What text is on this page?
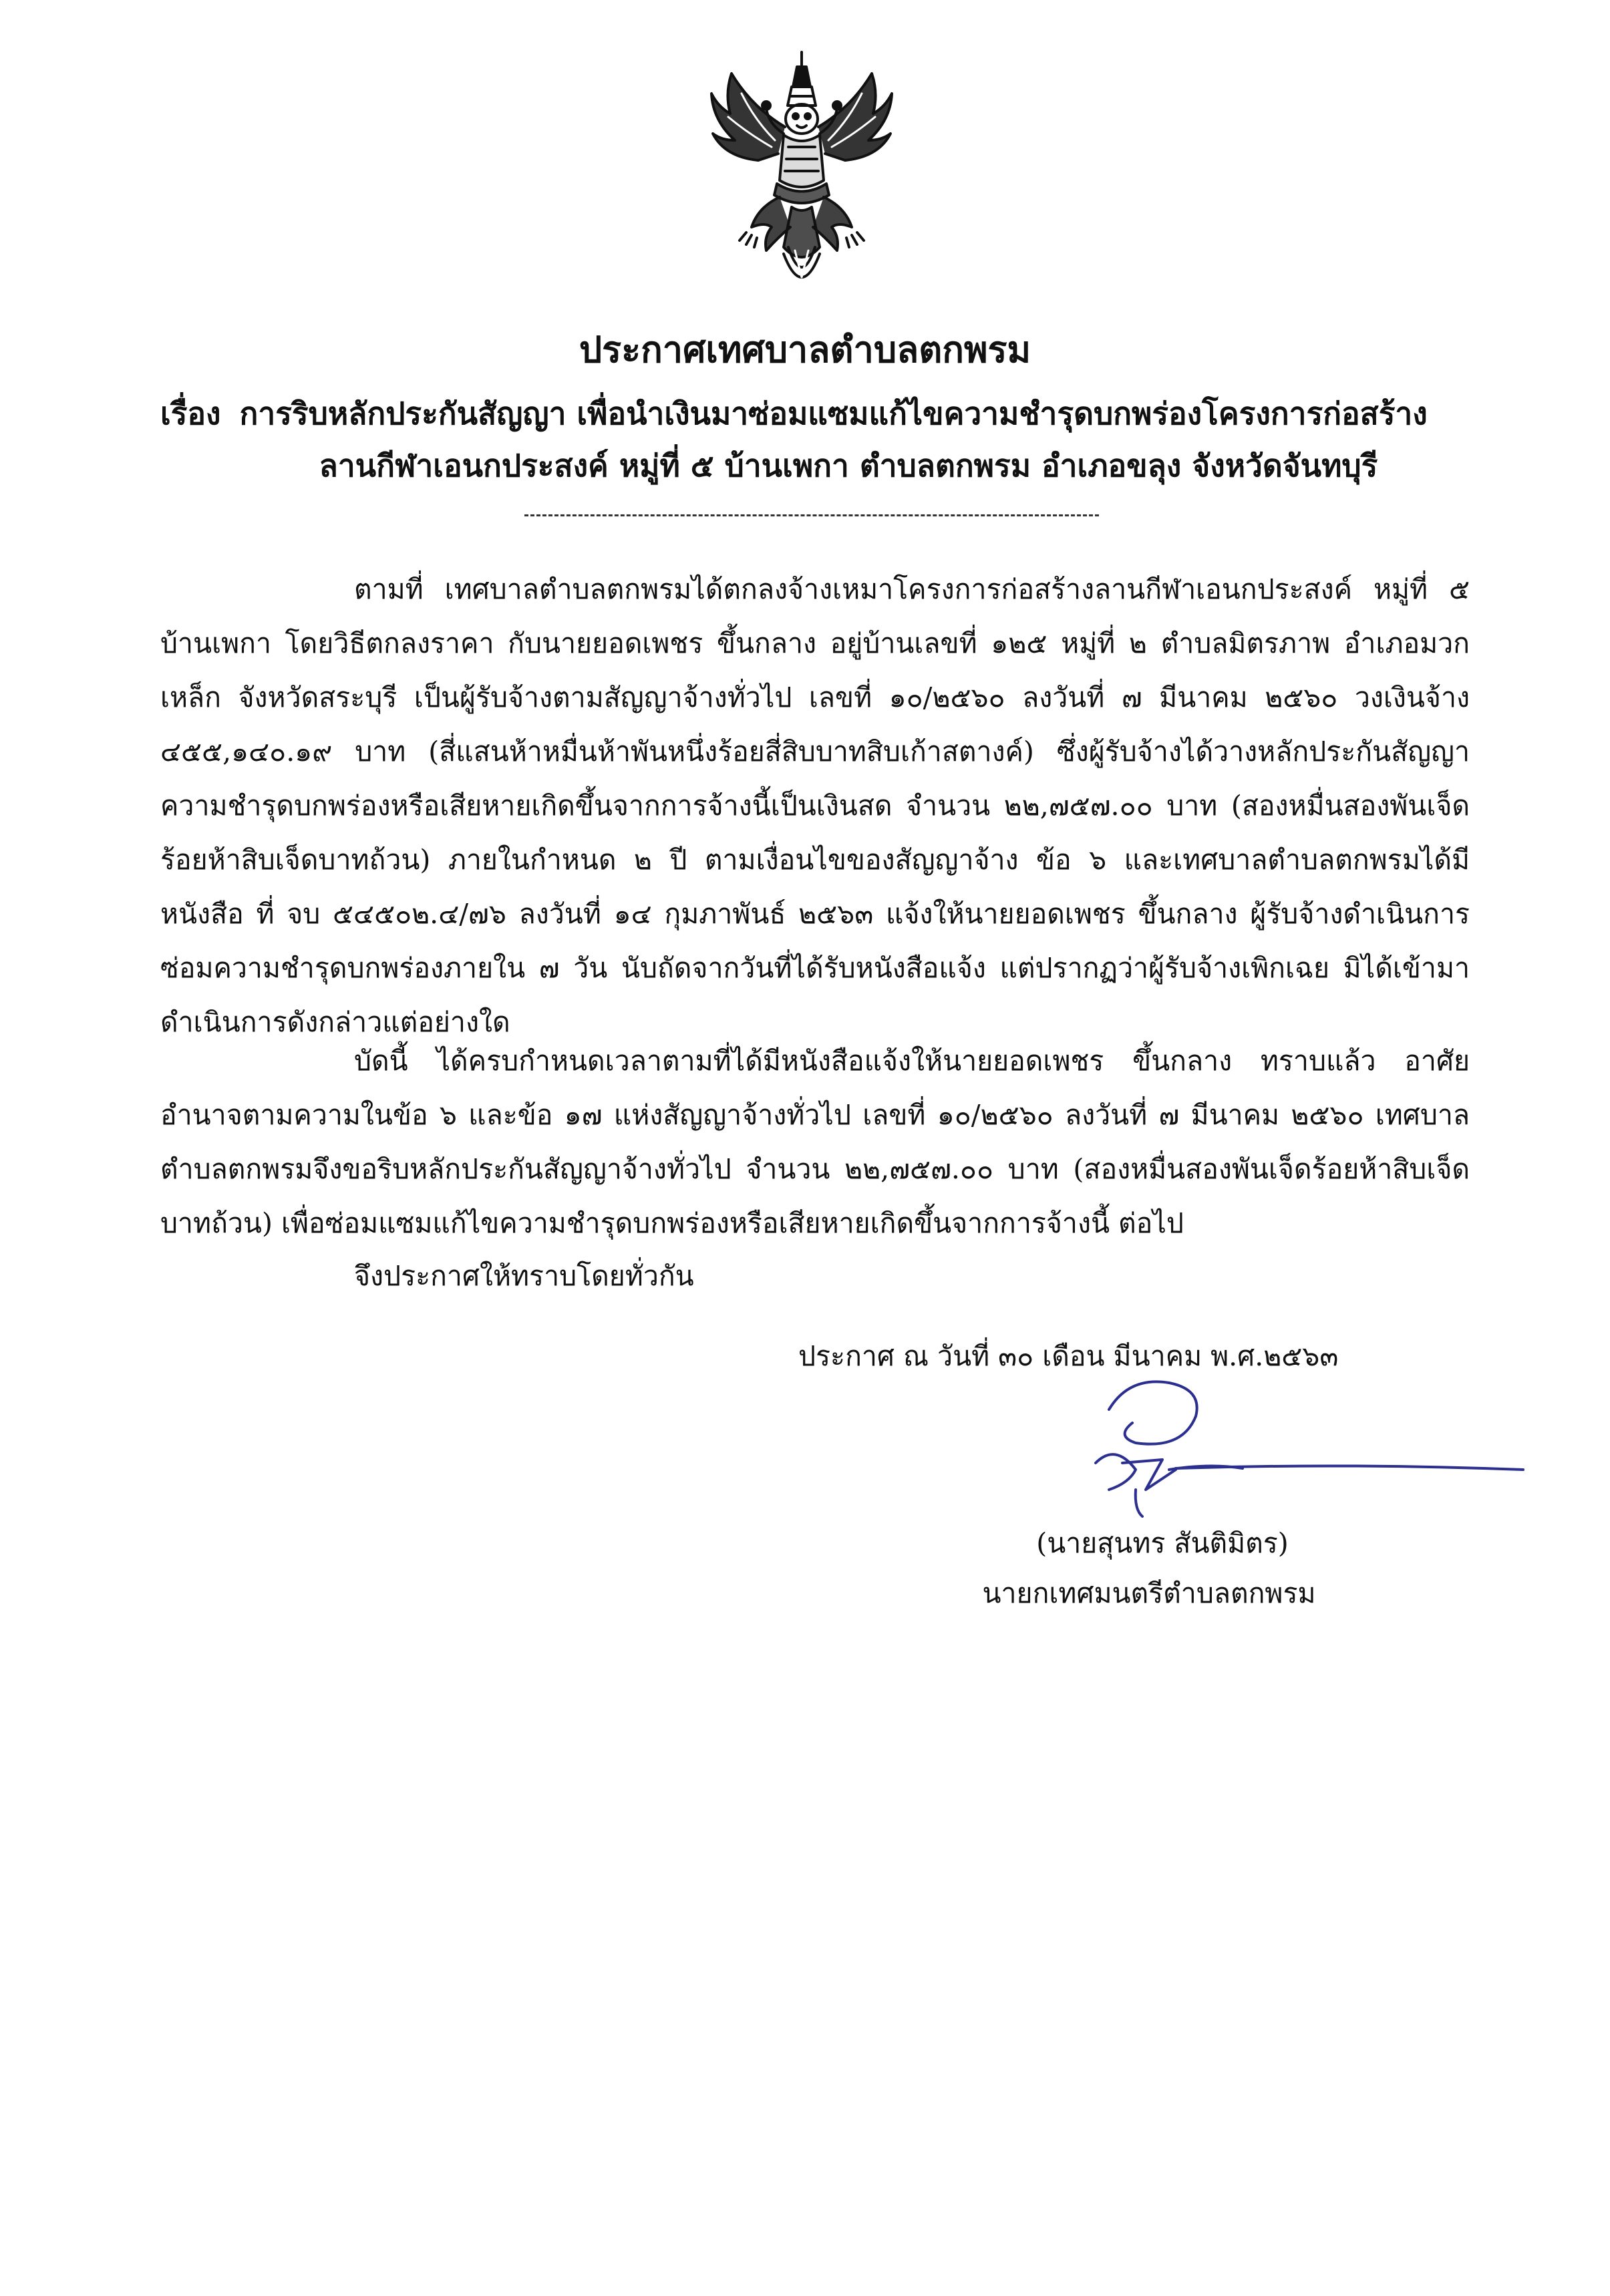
ประกาศเทศบาลตำบลตกพรม
เรื่อง การริบหลักประกันสัญญา เพื่อนำเงินมาซ่อมแซมแก้ไขความชำรุดบกพร่องโครงการก่อสร้าง
ลานกีฬาเอนกประสงค์ หมู่ที่ ๕ บ้านเพกา ตำบลตกพรม อำเภอขลุง จังหวัดจันทบุรี

ตามที่ เทศบาลตำบลตกพรมได้ตกลงจ้างเหมาโครงการก่อสร้างลานกีฬาเอนกประสงค์ หมู่ที่ ๕ บ้านเพกา โดยวิธีตกลงราคา กับนายยอดเพชร ขึ้นกลาง อยู่บ้านเลขที่ ๑๒๕ หมู่ที่ ๒ ตำบลมิตรภาพ อำเภอมวกเหล็ก จังหวัดสระบุรี เป็นผู้รับจ้างตามสัญญาจ้างทั่วไป เลขที่ ๑๐/๒๕๖๐ ลงวันที่ ๗ มีนาคม ๒๕๖๐ วงเงินจ้าง ๔๕๕,๑๔๐.๑๙ บาท (สี่แสนห้าหมื่นห้าพันหนึ่งร้อยสี่สิบบาทสิบเก้าสตางค์) ซึ่งผู้รับจ้างได้วางหลักประกันสัญญาความชำรุดบกพร่องหรือเสียหายเกิดขึ้นจากการจ้างนี้เป็นเงินสด จำนวน ๒๒,๗๕๗.๐๐ บาท (สองหมื่นสองพันเจ็ดร้อยห้าสิบเจ็ดบาทถ้วน) ภายในกำหนด ๒ ปี ตามเงื่อนไขของสัญญาจ้าง ข้อ ๖ และเทศบาลตำบลตกพรมได้มีหนังสือ ที่ จบ ๕๔๕๐๒.๔/๗๖ ลงวันที่ ๑๔ กุมภาพันธ์ ๒๕๖๓ แจ้งให้นายยอดเพชร ขึ้นกลาง ผู้รับจ้างดำเนินการซ่อมความชำรุดบกพร่องภายใน ๗ วัน นับถัดจากวันที่ได้รับหนังสือแจ้ง แต่ปรากฏว่าผู้รับจ้างเพิกเฉย มิได้เข้ามาดำเนินการดังกล่าวแต่อย่างใด

บัดนี้ ได้ครบกำหนดเวลาตามที่ได้มีหนังสือแจ้งให้นายยอดเพชร ขึ้นกลาง ทราบแล้ว อาศัยอำนาจตามความในข้อ ๖ และข้อ ๑๗ แห่งสัญญาจ้างทั่วไป เลขที่ ๑๐/๒๕๖๐ ลงวันที่ ๗ มีนาคม ๒๕๖๐ เทศบาลตำบลตกพรมจึงขอริบหลักประกันสัญญาจ้างทั่วไป จำนวน ๒๒,๗๕๗.๐๐ บาท (สองหมื่นสองพันเจ็ดร้อยห้าสิบเจ็ดบาทถ้วน) เพื่อซ่อมแซมแก้ไขความชำรุดบกพร่องหรือเสียหายเกิดขึ้นจากการจ้างนี้ ต่อไป

จึงประกาศให้ทราบโดยทั่วกัน

ประกาศ ณ วันที่ ๓๐ เดือน มีนาคม พ.ศ.๒๕๖๓
(นายสุนทร สันติมิตร)
นายกเทศมนตรีตำบลตกพรม
